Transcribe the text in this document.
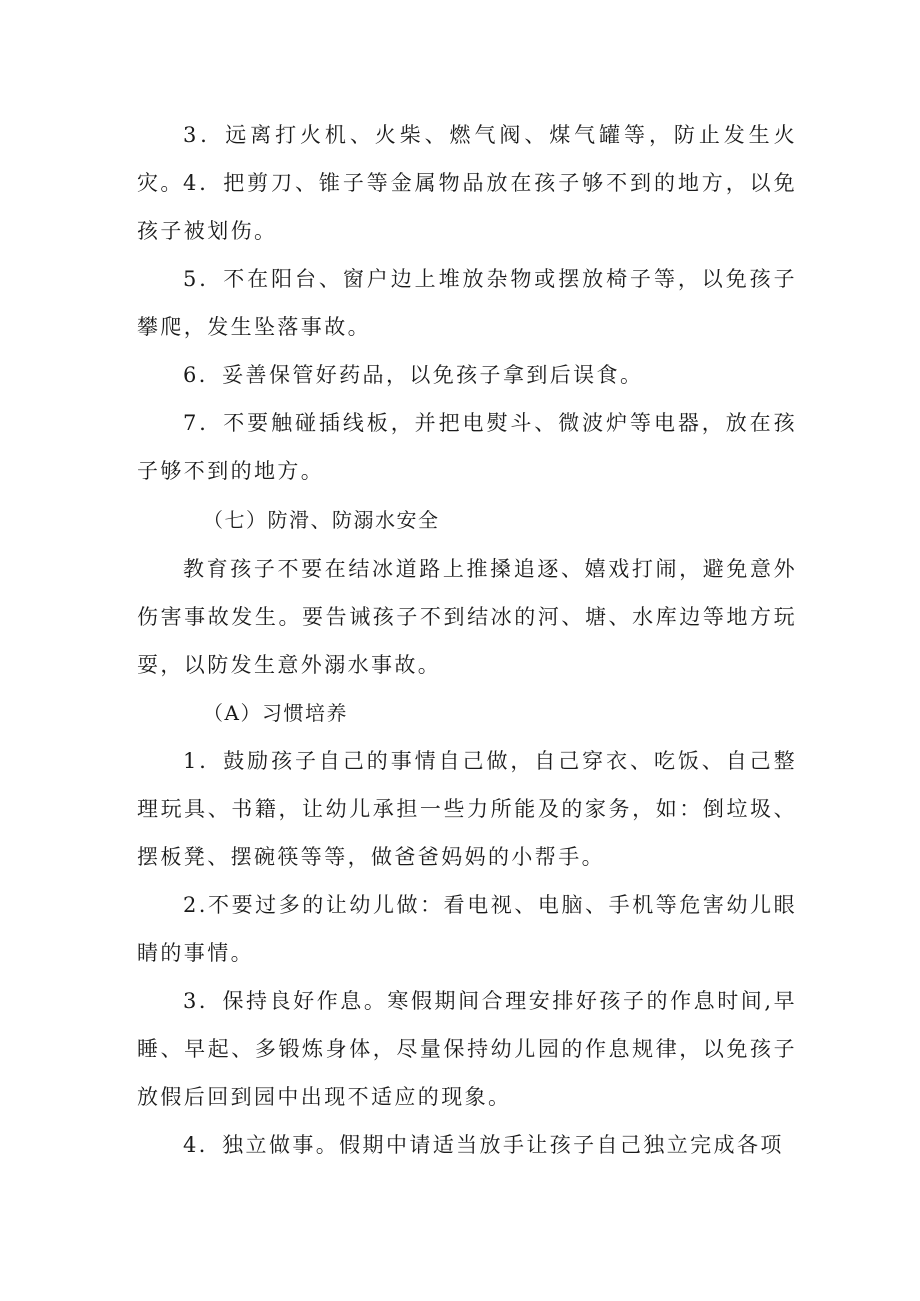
3．远离打火机、火柴、燃气阀、煤气罐等，防止发生火灾。 4．把剪刀、锥子等金属物品放在孩子够不到的地方，以免孩子被划伤。

5．不在阳台、窗户边上堆放杂物或摆放椅子等，以免孩子攀爬，发生坠落事故。

6．妥善保管好药品，以免孩子拿到后误食。

7．不要触碰插线板，并把电熨斗、微波炉等电器，放在孩子够不到的地方。

（七）防滑、防溺水安全

教育孩子不要在结冰道路上推搡追逐、嬉戏打闹，避免意外伤害事故发生。要告诫孩子不到结冰的河、塘、水库边等地方玩耍，以防发生意外溺水事故。

（A）习惯培养

1．鼓励孩子自己的事情自己做，自己穿衣、吃饭、自己整理玩具、书籍，让幼儿承担一些力所能及的家务，如：倒垃圾、摆板凳、摆碗筷等等，做爸爸妈妈的小帮手。

2.不要过多的让幼儿做：看电视、电脑、手机等危害幼儿眼睛的事情。

3．保持良好作息。寒假期间合理安排好孩子的作息时间,早睡、早起、多锻炼身体，尽量保持幼儿园的作息规律，以免孩子放假后回到园中出现不适应的现象。

4．独立做事。假期中请适当放手让孩子自己独立完成各项
